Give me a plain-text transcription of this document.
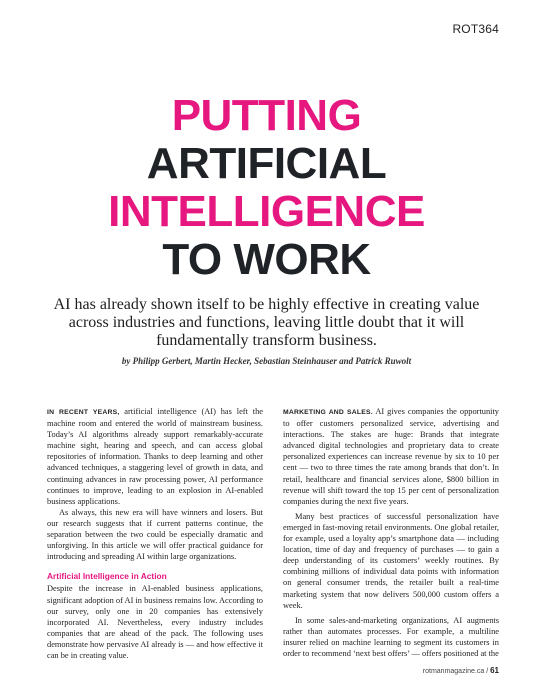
ROT364
PUTTING
ARTIFICIAL
INTELLIGENCE
TO WORK

AI has already shown itself to be highly effective in creating value across industries and functions, leaving little doubt that it will fundamentally transform business.

by Philipp Gerbert, Martin Hecker, Sebastian Steinhauser and Patrick Ruwolt

IN RECENT YEARS, artificial intelligence (AI) has left the machine room and entered the world of mainstream business. Today’s AI algorithms already support remarkably-accurate machine sight, hearing and speech, and can access global repositories of information. Thanks to deep learning and other advanced techniques, a staggering level of growth in data, and continuing advances in raw processing power, AI performance continues to improve, leading to an explosion in AI-enabled business applications.

As always, this new era will have winners and losers. But our research suggests that if current patterns continue, the separation between the two could be especially dramatic and unforgiving. In this article we will offer practical guidance for introducing and spreading AI within large organizations.

Artificial Intelligence in Action

Despite the increase in AI-enabled business applications, significant adoption of AI in business remains low. According to our survey, only one in 20 companies has extensively incorporated AI. Nevertheless, every industry includes companies that are ahead of the pack. The following uses demonstrate how pervasive AI already is — and how effective it can be in creating value.

MARKETING AND SALES. AI gives companies the opportunity to offer customers personalized service, advertising and interactions. The stakes are huge: Brands that integrate advanced digital technologies and proprietary data to create personalized experiences can increase revenue by six to 10 per cent — two to three times the rate among brands that don’t. In retail, healthcare and financial services alone, $800 billion in revenue will shift toward the top 15 per cent of personalization companies during the next five years.

Many best practices of successful personalization have emerged in fast-moving retail environments. One global retailer, for example, used a loyalty app’s smartphone data — including location, time of day and frequency of purchases — to gain a deep understanding of its customers’ weekly routines. By combining millions of individual data points with information on general consumer trends, the retailer built a real-time marketing system that now delivers 500,000 custom offers a week.

In some sales-and-marketing organizations, AI augments rather than automates processes. For example, a multiline insurer relied on machine learning to segment its customers in order to recommend ‘next best offers’ — offers positioned at the

rotmanmagazine.ca / 61
